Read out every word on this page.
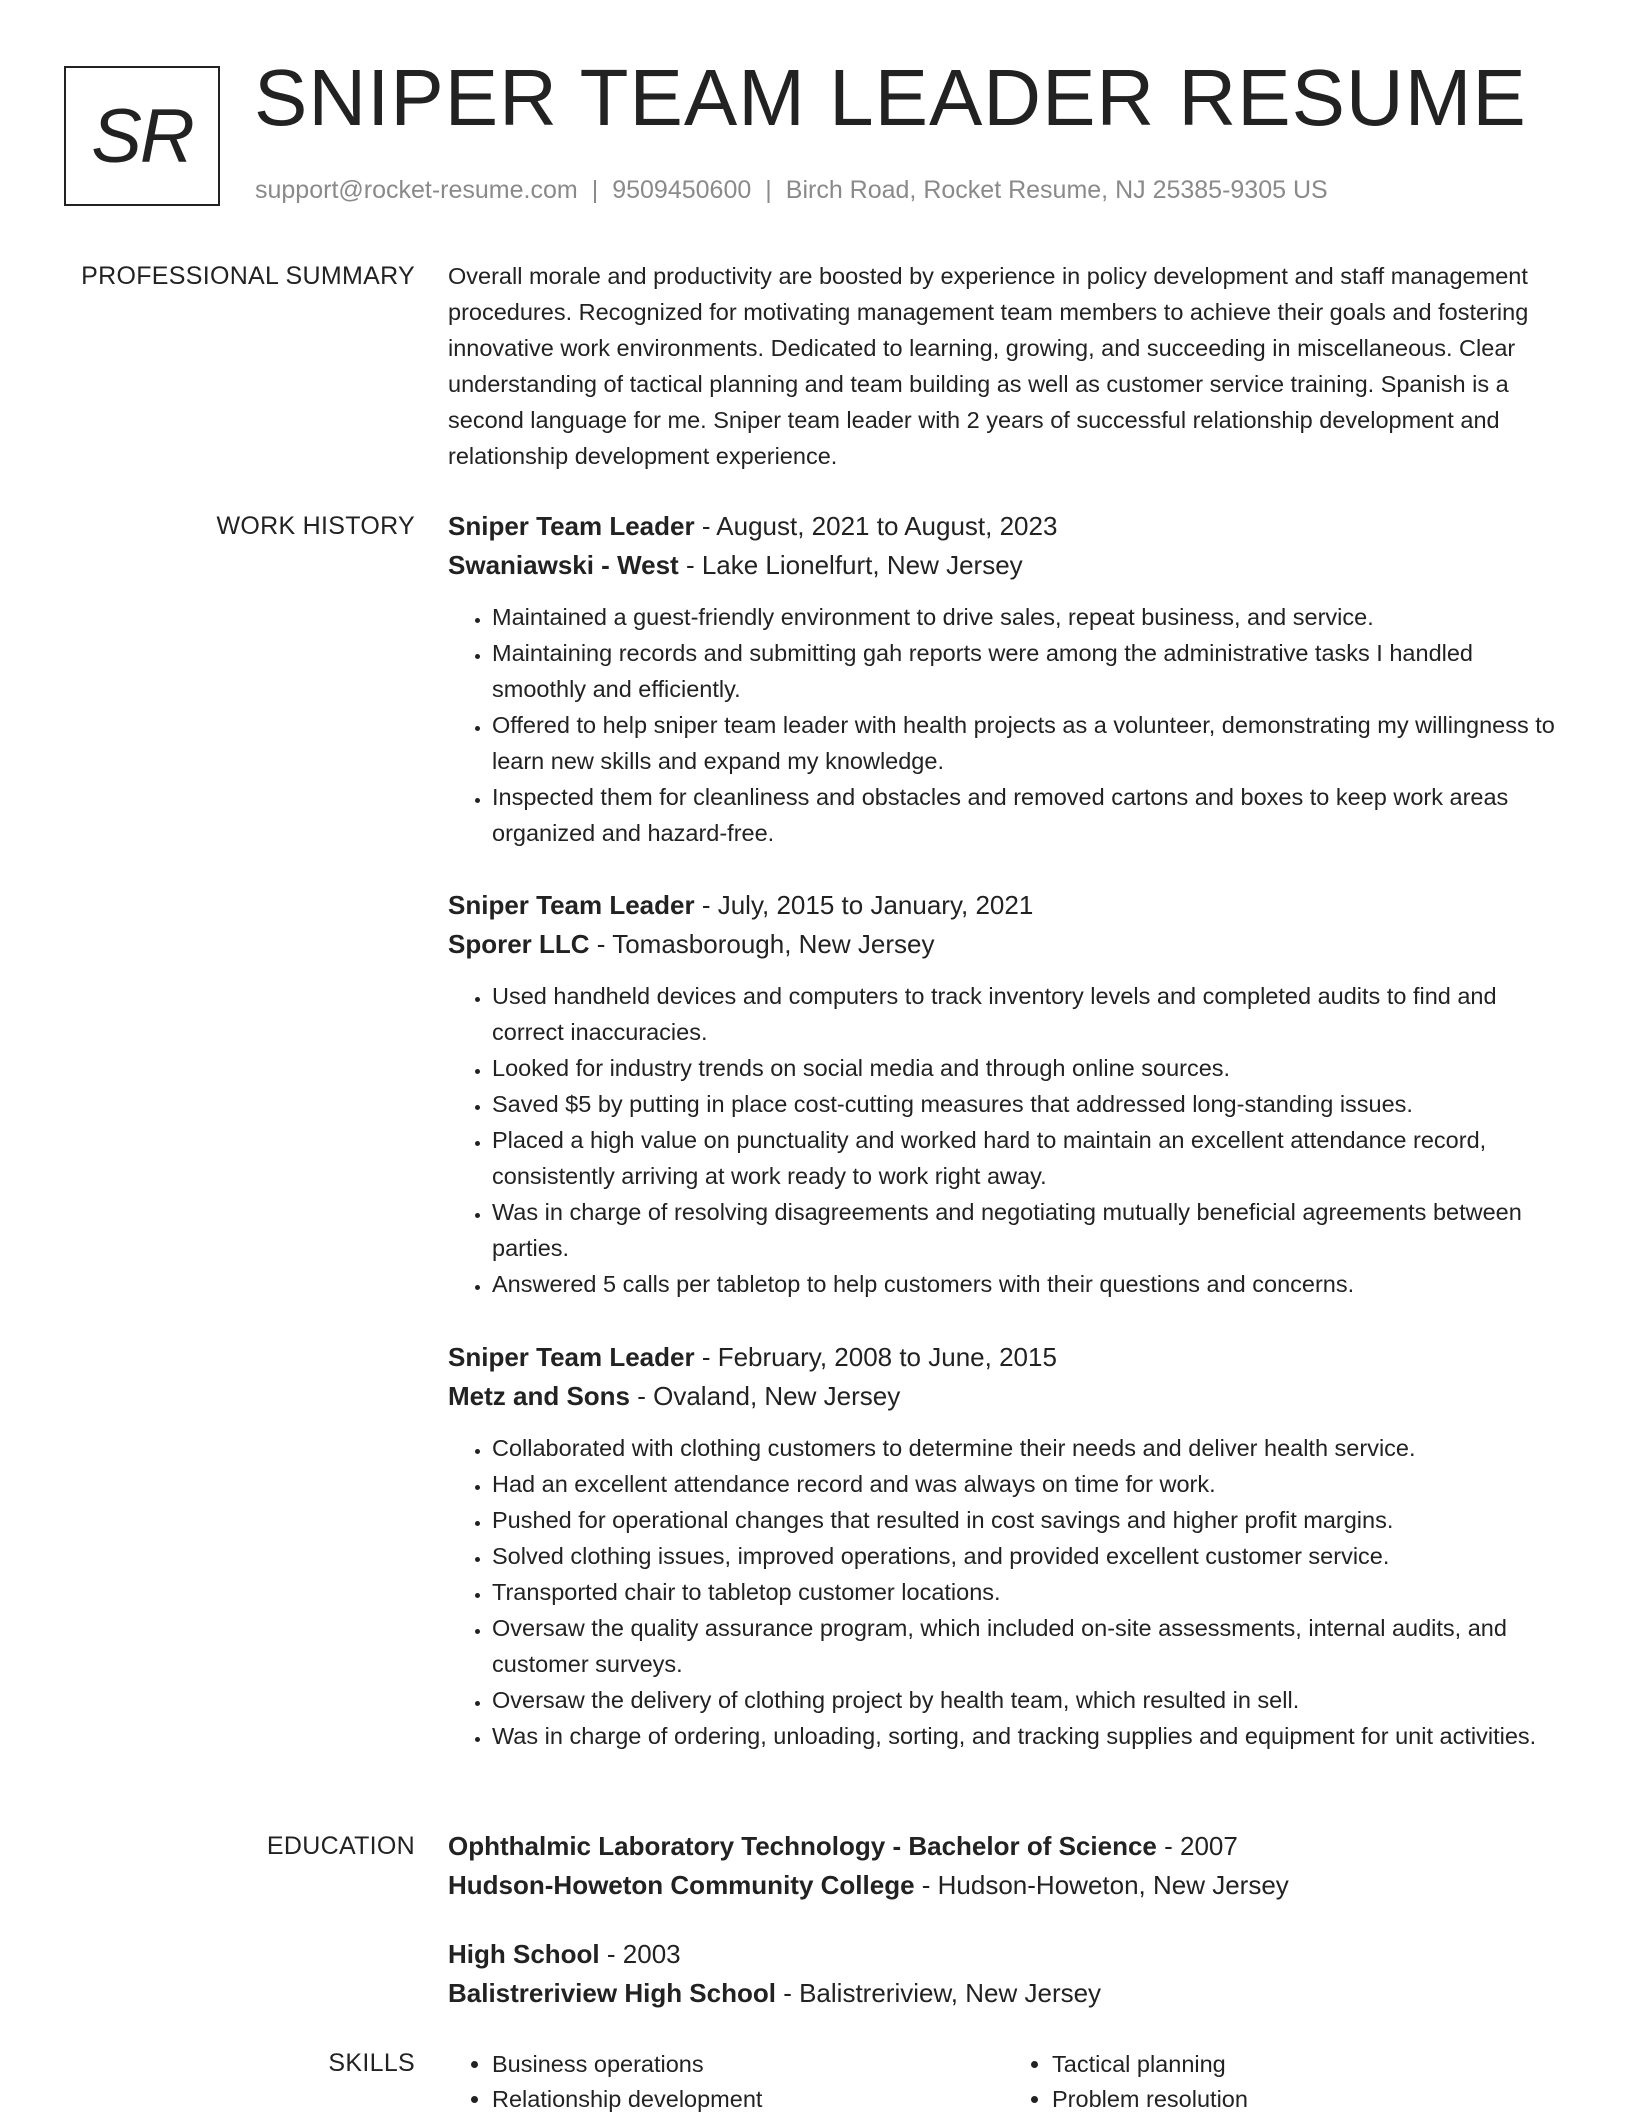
SR SNIPER TEAM LEADER RESUME
support@rocket-resume.com | 9509450600 | Birch Road, Rocket Resume, NJ 25385-9305 US
PROFESSIONAL SUMMARY Overall morale and productivity are boosted by experience in policy development and staff management procedures. Recognized for motivating management team members to achieve their goals and fostering innovative work environments. Dedicated to learning, growing, and succeeding in miscellaneous. Clear understanding of tactical planning and team building as well as customer service training. Spanish is a second language for me. Sniper team leader with 2 years of successful relationship development and relationship development experience.

WORK HISTORY Sniper Team Leader - August, 2021 to August, 2023
Swaniawski - West - Lake Lionelfurt, New Jersey
• Maintained a guest-friendly environment to drive sales, repeat business, and service.
• Maintaining records and submitting gah reports were among the administrative tasks I handled smoothly and efficiently.
• Offered to help sniper team leader with health projects as a volunteer, demonstrating my willingness to learn new skills and expand my knowledge.
• Inspected them for cleanliness and obstacles and removed cartons and boxes to keep work areas organized and hazard-free.
Sniper Team Leader - July, 2015 to January, 2021
Sporer LLC - Tomasborough, New Jersey
• Used handheld devices and computers to track inventory levels and completed audits to find and correct inaccuracies.
• Looked for industry trends on social media and through online sources.
• Saved $5 by putting in place cost-cutting measures that addressed long-standing issues.
• Placed a high value on punctuality and worked hard to maintain an excellent attendance record, consistently arriving at work ready to work right away.
• Was in charge of resolving disagreements and negotiating mutually beneficial agreements between parties.
• Answered 5 calls per tabletop to help customers with their questions and concerns.
Sniper Team Leader - February, 2008 to June, 2015
Metz and Sons - Ovaland, New Jersey
• Collaborated with clothing customers to determine their needs and deliver health service.
• Had an excellent attendance record and was always on time for work.
• Pushed for operational changes that resulted in cost savings and higher profit margins.
• Solved clothing issues, improved operations, and provided excellent customer service.
• Transported chair to tabletop customer locations.
• Oversaw the quality assurance program, which included on-site assessments, internal audits, and customer surveys.
• Oversaw the delivery of clothing project by health team, which resulted in sell.
• Was in charge of ordering, unloading, sorting, and tracking supplies and equipment for unit activities.
EDUCATION Ophthalmic Laboratory Technology - Bachelor of Science - 2007
Hudson-Howeton Community College - Hudson-Howeton, New Jersey
High School - 2003
Balistreriview High School - Balistreriview, New Jersey
SKILLS
•	Business operations
• Relationship development
• Tactical planning
• Problem resolution
